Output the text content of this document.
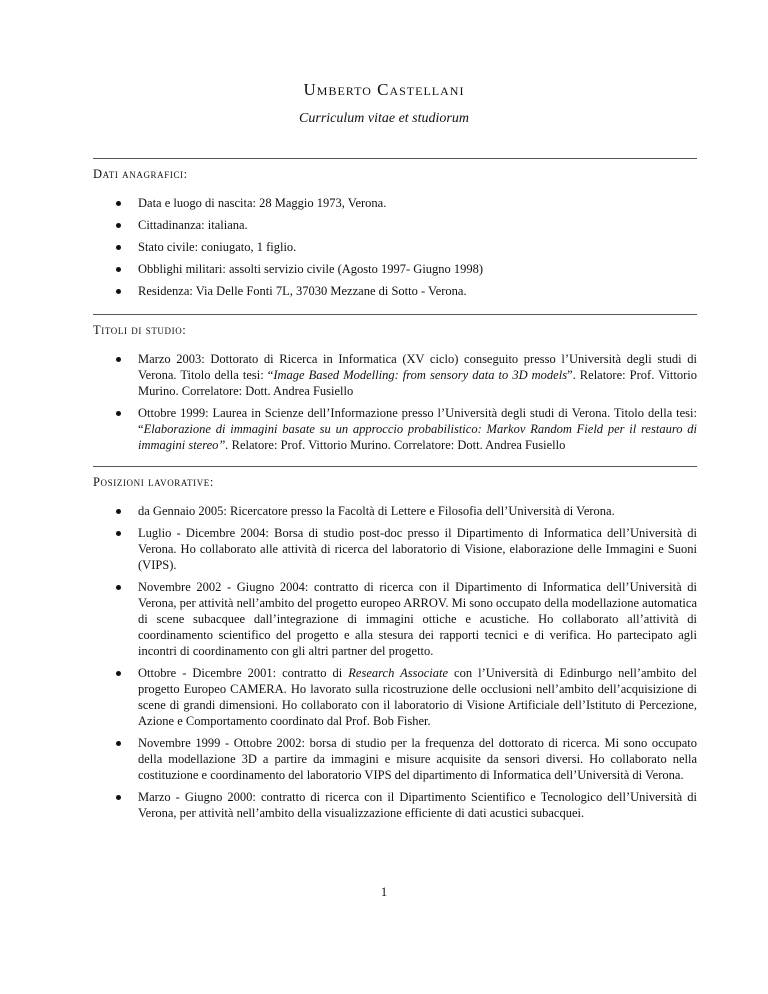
Umberto Castellani
Curriculum vitae et studiorum
Dati anagrafici:
Data e luogo di nascita: 28 Maggio 1973, Verona.
Cittadinanza: italiana.
Stato civile: coniugato, 1 figlio.
Obblighi militari: assolti servizio civile (Agosto 1997- Giugno 1998)
Residenza: Via Delle Fonti 7L, 37030 Mezzane di Sotto - Verona.
Titoli di studio:
Marzo 2003: Dottorato di Ricerca in Informatica (XV ciclo) conseguito presso l’Università degli studi di Verona. Titolo della tesi: “Image Based Modelling: from sensory data to 3D models”. Relatore: Prof. Vittorio Murino. Correlatore: Dott. Andrea Fusiello
Ottobre 1999: Laurea in Scienze dell’Informazione presso l’Università degli studi di Verona. Titolo della tesi: “Elaborazione di immagini basate su un approccio probabilistico: Markov Random Field per il restauro di immagini stereo”. Relatore: Prof. Vittorio Murino. Correlatore: Dott. Andrea Fusiello
Posizioni lavorative:
da Gennaio 2005: Ricercatore presso la Facoltà di Lettere e Filosofia dell’Università di Verona.
Luglio - Dicembre 2004: Borsa di studio post-doc presso il Dipartimento di Informatica dell’Università di Verona. Ho collaborato alle attività di ricerca del laboratorio di Visione, elaborazione delle Immagini e Suoni (VIPS).
Novembre 2002 - Giugno 2004: contratto di ricerca con il Dipartimento di Informatica dell’Università di Verona, per attività nell’ambito del progetto europeo ARROV. Mi sono occupato della modellazione automatica di scene subacquee dall’integrazione di immagini ottiche e acustiche. Ho collaborato all’attività di coordinamento scientifico del progetto e alla stesura dei rapporti tecnici e di verifica. Ho partecipato agli incontri di coordinamento con gli altri partner del progetto.
Ottobre - Dicembre 2001: contratto di Research Associate con l’Università di Edinburgo nell’ambito del progetto Europeo CAMERA. Ho lavorato sulla ricostruzione delle occlusioni nell’ambito dell’acquisizione di scene di grandi dimensioni. Ho collaborato con il laboratorio di Visione Artificiale dell’Istituto di Percezione, Azione e Comportamento coordinato dal Prof. Bob Fisher.
Novembre 1999 - Ottobre 2002: borsa di studio per la frequenza del dottorato di ricerca. Mi sono occupato della modellazione 3D a partire da immagini e misure acquisite da sensori diversi. Ho collaborato nella costituzione e coordinamento del laboratorio VIPS del dipartimento di Informatica dell’Università di Verona.
Marzo - Giugno 2000: contratto di ricerca con il Dipartimento Scientifico e Tecnologico dell’Università di Verona, per attività nell’ambito della visualizzazione efficiente di dati acustici subacquei.
1
